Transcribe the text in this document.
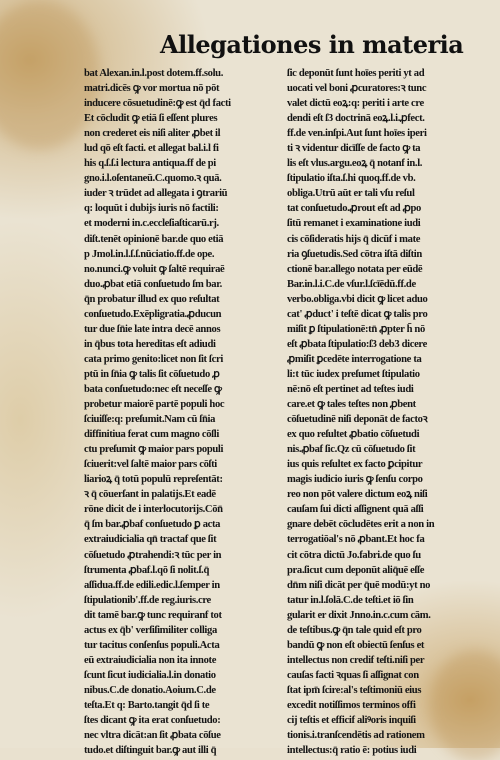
Allegationes in materia
bat Alexan.in.l.post dotem.ff.solu.
matri.dicēs ꝙ vor mortua nō pōt
inducere cōsuetudinē:ꝙ est q̄d facti
Et cōcludit ꝙ etiā ſi eſſent plures
non crederet eis niſi aliter ꝓbet il
lud qō eſt facti. et allegat bal.i.l fi
his q.ſ.ſ.i lectura antiqua.ff de pi
gno.i.l.oſentaneū.C.quomo.ꝛ quā.
iuder ꝛ trūdet ad allegata i ꝯtrariū
q: loquūt i dubijs iuris nō factili:
et moderni in.c.eccleſiaſticarū.rj.
diſt.tenēt opinionē bar.de quo etiā
p Jmol.in.l.ſ.ſ.nūciatio.ff.de ope.
no.nunci.ꝙ voluit ꝙ ſaltē requiraē
duo.ꝓbat etiā conſuetudo ſm bar.
q̄n probatur illud ex quo reſultat
conſuetudo.Exēpligratia.ꝓducun
tur due ſn̄ie late intra decē annos
in q̄bus tota hereditas eſt adiudi
cata primo genito:licet non ſit ſcri
ptū in ſn̄ia ꝙ talis ſit cōſuetudo ꝓ
bata conſuetudo:nec eſt neceſſe ꝙ
probetur maiorē partē populi hoc
ſciuiſſe:q: preſumit.Nam cū ſn̄ia
diffinitiua ferat cum magno cōſli
ctu preſumit ꝙ maior pars populi
ſciuerit:vel ſaltē maior pars cōſti
liarioꝝ q̄ totū populū repreſentāt:
ꝛ q̄ cōuerſant in palatijs.Et eadē
rōne dicit de i interlocutorijs.Cōn̄
q̄ ſm bar.ꝓbaf conſuetudo ꝑ acta
extraiudicialia qn̄ tractaf que ſit
cōſuetudo ꝓtrahendi:ꝛ tūc per in
ſtrumenta ꝓbaf.l.qō ſi nolit.ſ.q̄
aſſidua.ff.de edili.edic.l.ſemper in
ſtipulationib'.ff.de reg.iuris.cre
dit tamē bar.ꝙ tunc requiranf tot
actus ex q̄b' verſiſimiliter colliga
tur tacitus conſenſus populi.Acta
eū extraiudicialia non ita innote
ſcunt ſicut iudicialia.l.in donatio
nibus.C.de donatio.Aoium.C.de
teſta.Et q: Barto.tangit q̄d ſi te
ſtes dicant ꝙ ita erat conſuetudo:
nec vltra dicāt:an ſit ꝓbata cōſue
tudo.et diſtinguit bar.ꝙ aut illi q̄
ſic deponūt ſunt hoīes periti yt ad
uocati vel boni ꝓcuratores:ꝛ tunc
valet dictū eoꝝ:q: periti i arte cre
dendi eſt ſ3 doctrinā eoꝝ.l.i.ꝓfect.
ff.de ven.inſpi.Aut ſunt hoīes iperi
ti ꝛ videntur dicīſſe de facto ꝙ ta
lis eſt vlus.argu.eoꝝ q̄ notanf in.l.
ſtipulatio iſta.ſ.hi quoq.ff.de vb.
obliga.Utrū aūt er tali vſu reſul
tat conſuetudo.ꝓrout eſt ad ꝓpo
ſitū remanet i examinatione iudi
cis cōſideratis hijs q̄ dicūf i mate
ria ꝯſuetudis.Sed cōtra iſtā diſtin
ctionē bar.allego notata per eūdē
Bar.in.l.i.C.de vſur.l.ſcīēdū.ff.de
verbo.obliga.vbi dicit ꝙ licet aduo
cat' ꝓduct' i teſtē dicat ꝙ talis pro
miſit ꝑ ſtipulationē:tn̄ ꝓpter h̄ nō
eſt ꝓbata ſtipulatio:ſ3 deb3 dicere
ꝓmiſit ꝑcedēte interrogatione ta
li:t tūc iudex preſumet ſtipulatio
nē:nō eſt pertinet ad teſtes iudi
care.et ꝙ tales teſtes non ꝓbent
cōſuetudinē niſi deponāt de factoꝛ
ex quo reſultet ꝓbatio cōſuetudi
nis.ꝓbaf ſic.Qz cū cōſuetudo ſit
ius quis reſultet ex facto ꝑcipitur
magis iudicio iuris ꝙ ſenſu corpo
reo non pōt valere dictum eoꝝ niſi
cauſam ſui dicti aſſignent quā aſſi
gnare debēt cōcludētes erit a non in
terrogatiōal's nō ꝓbant.Et hoc fa
cit cōtra dictū Jo.fabri.de quo ſu
pra.ſicut cum deponūt aliq̄uē eſſe
dn̄m niſi dicāt per q̄uē modū:yt no
tatur in.l.ſolā.C.de teſti.et iō ſin
gularit er dixit Jnno.in.c.cum cām.
de teſtibus.ꝙ q̄n tale quid eſt pro
bandū ꝙ non eſt obiectū ſenſus et
intellectus non credif teſti.niſi per
cauſas facti ꝛquas ſi aſſignat con
ſtat ipm̄ ſcire:al's teſtimoniū eius
excedit notiſſimos terminos offi
cij teſtis et efficif aliꝰoris inquiſi
tionis.i.tranſcendētis ad rationem
intellectus:q̄ ratio ē: potius iudi
